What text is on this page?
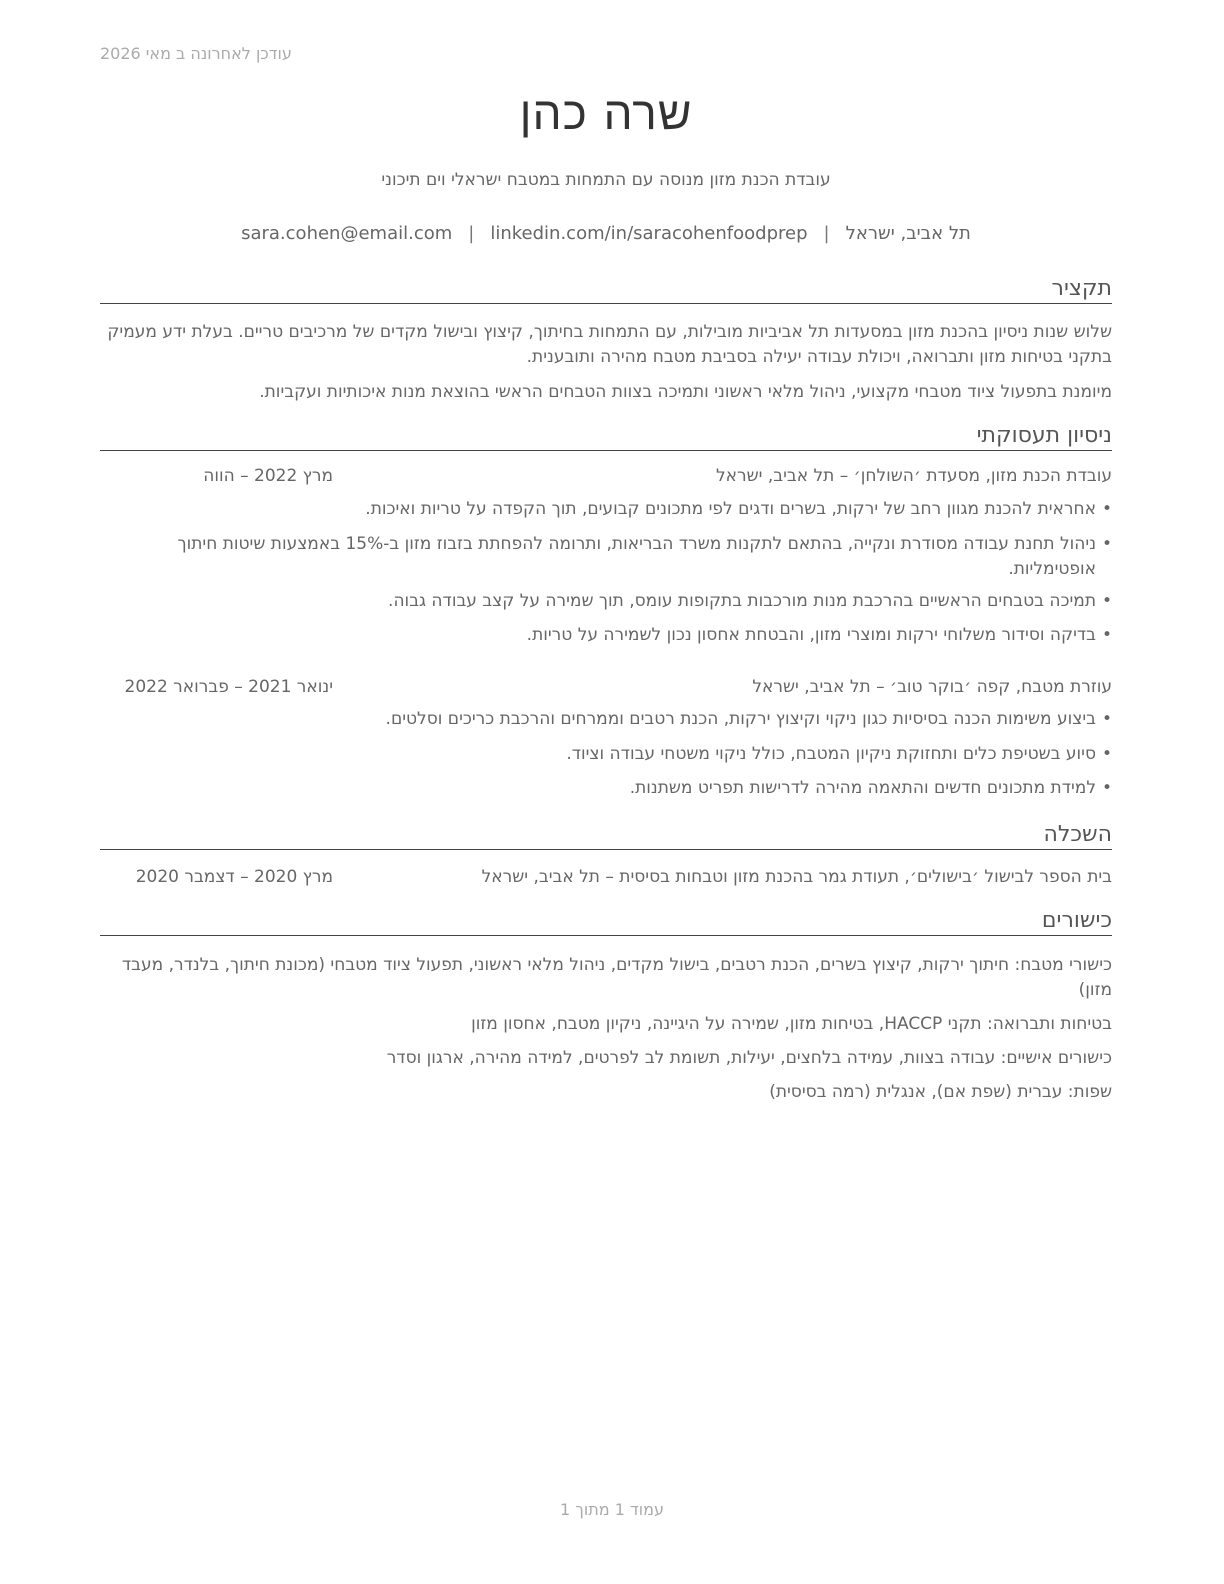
עודכן לאחרונה ב מאי 2026
שרה כהן
עובדת הכנת מזון מנוסה עם התמחות במטבח ישראלי וים תיכוני
תל אביב, ישראל|sara.cohen@email.com | linkedin.com/in/saracohenfoodprep
תקציר
שלוש שנות ניסיון בהכנת מזון במסעדות תל אביביות מובילות, עם התמחות בחיתוך, קיצוץ ובישול מקדים של מרכיבים טריים. בעלת ידע מעמיק בתקני בטיחות מזון ותברואה, ויכולת עבודה יעילה בסביבת מטבח מהירה ותובענית.
מיומנת בתפעול ציוד מטבחי מקצועי, ניהול מלאי ראשוני ותמיכה בצוות הטבחים הראשי בהוצאת מנות איכותיות ועקביות.
ניסיון תעסוקתי
עובדת הכנת מזון, מסעדת ׳השולחן׳ – תל אביב, ישראל
מרץ 2022 – הווה
•
אחראית להכנת מגוון רחב של ירקות, בשרים ודגים לפי מתכונים קבועים, תוך הקפדה על טריות ואיכות.
•
ניהול תחנת עבודה מסודרת ונקייה, בהתאם לתקנות משרד הבריאות, ותרומה להפחתת בזבוז מזון ב-15% באמצעות שיטות חיתוך אופטימליות.
•
תמיכה בטבחים הראשיים בהרכבת מנות מורכבות בתקופות עומס, תוך שמירה על קצב עבודה גבוה.
•
בדיקה וסידור משלוחי ירקות ומוצרי מזון, והבטחת אחסון נכון לשמירה על טריות.
עוזרת מטבח, קפה ׳בוקר טוב׳ – תל אביב, ישראל
ינואר 2021 – פברואר 2022
•
ביצוע משימות הכנה בסיסיות כגון ניקוי וקיצוץ ירקות, הכנת רטבים וממרחים והרכבת כריכים וסלטים.
•
סיוע בשטיפת כלים ותחזוקת ניקיון המטבח, כולל ניקוי משטחי עבודה וציוד.
•
למידת מתכונים חדשים והתאמה מהירה לדרישות תפריט משתנות.
השכלה
בית הספר לבישול ׳בישולים׳, תעודת גמר בהכנת מזון וטבחות בסיסית – תל אביב, ישראל
מרץ 2020 – דצמבר 2020
כישורים
כישורי מטבח: חיתוך ירקות, קיצוץ בשרים, הכנת רטבים, בישול מקדים, ניהול מלאי ראשוני, תפעול ציוד מטבחי (מכונת חיתוך, בלנדר, מעבד מזון)
בטיחות ותברואה: תקני HACCP, בטיחות מזון, שמירה על היגיינה, ניקיון מטבח, אחסון מזון
כישורים אישיים: עבודה בצוות, עמידה בלחצים, יעילות, תשומת לב לפרטים, למידה מהירה, ארגון וסדר
שפות: עברית (שפת אם), אנגלית (רמה בסיסית)
עמוד 1 מתוך 1
